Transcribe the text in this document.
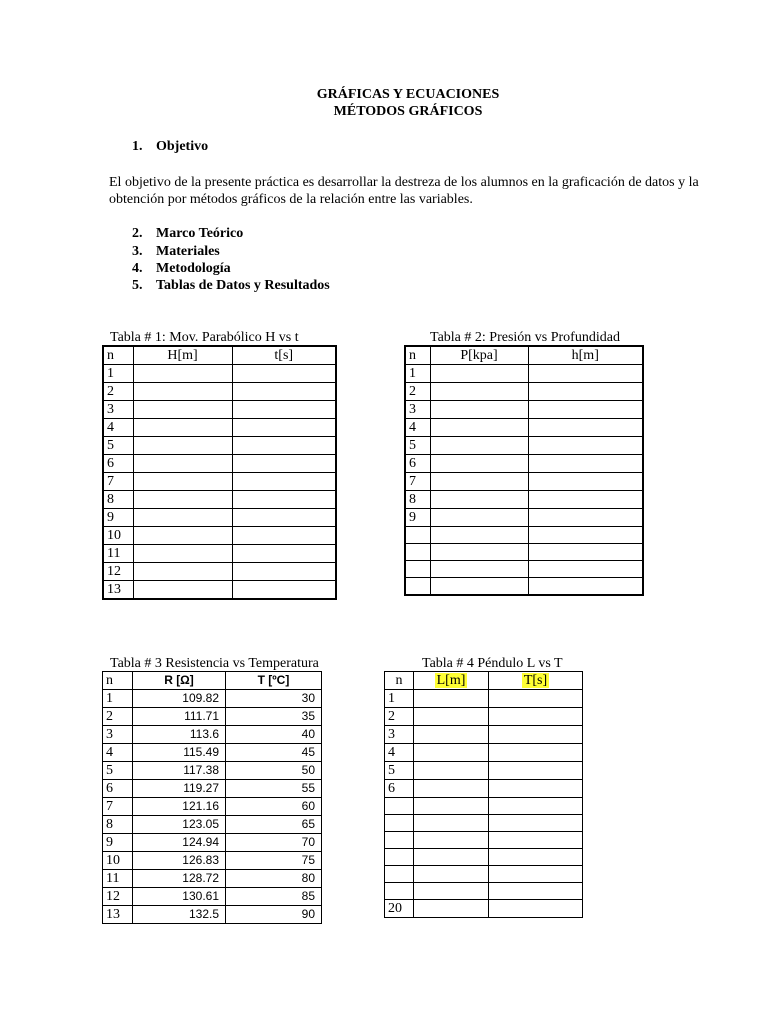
GRÁFICAS Y ECUACIONES
MÉTODOS GRÁFICOS
1. Objetivo
El objetivo de la presente práctica es desarrollar la destreza de los alumnos en la graficación de datos y la obtención por métodos gráficos de la relación entre las variables.
2. Marco Teórico
3. Materiales
4. Metodología
5. Tablas de Datos y Resultados
Tabla # 1: Mov. Parabólico H vs t
n	H[m]	t[s]
1		
2		
3		
4		
5		
6		
7		
8		
9		
10		
11		
12		
13		
Tabla # 2: Presión vs Profundidad
n	P[kpa]	h[m]
1		
2		
3		
4		
5		
6		
7		
8		
9		

Tabla # 3 Resistencia vs Temperatura
n	R [Ω]	T [ºC]
1	109.82	30
2	111.71	35
3	113.6	40
4	115.49	45
5	117.38	50
6	119.27	55
7	121.16	60
8	123.05	65
9	124.94	70
10	126.83	75
11	128.72	80
12	130.61	85
13	132.5	90
Tabla # 4 Péndulo L vs T
n	L[m]	T[s]
1		
2		
3		
4		
5		
6		

20		
